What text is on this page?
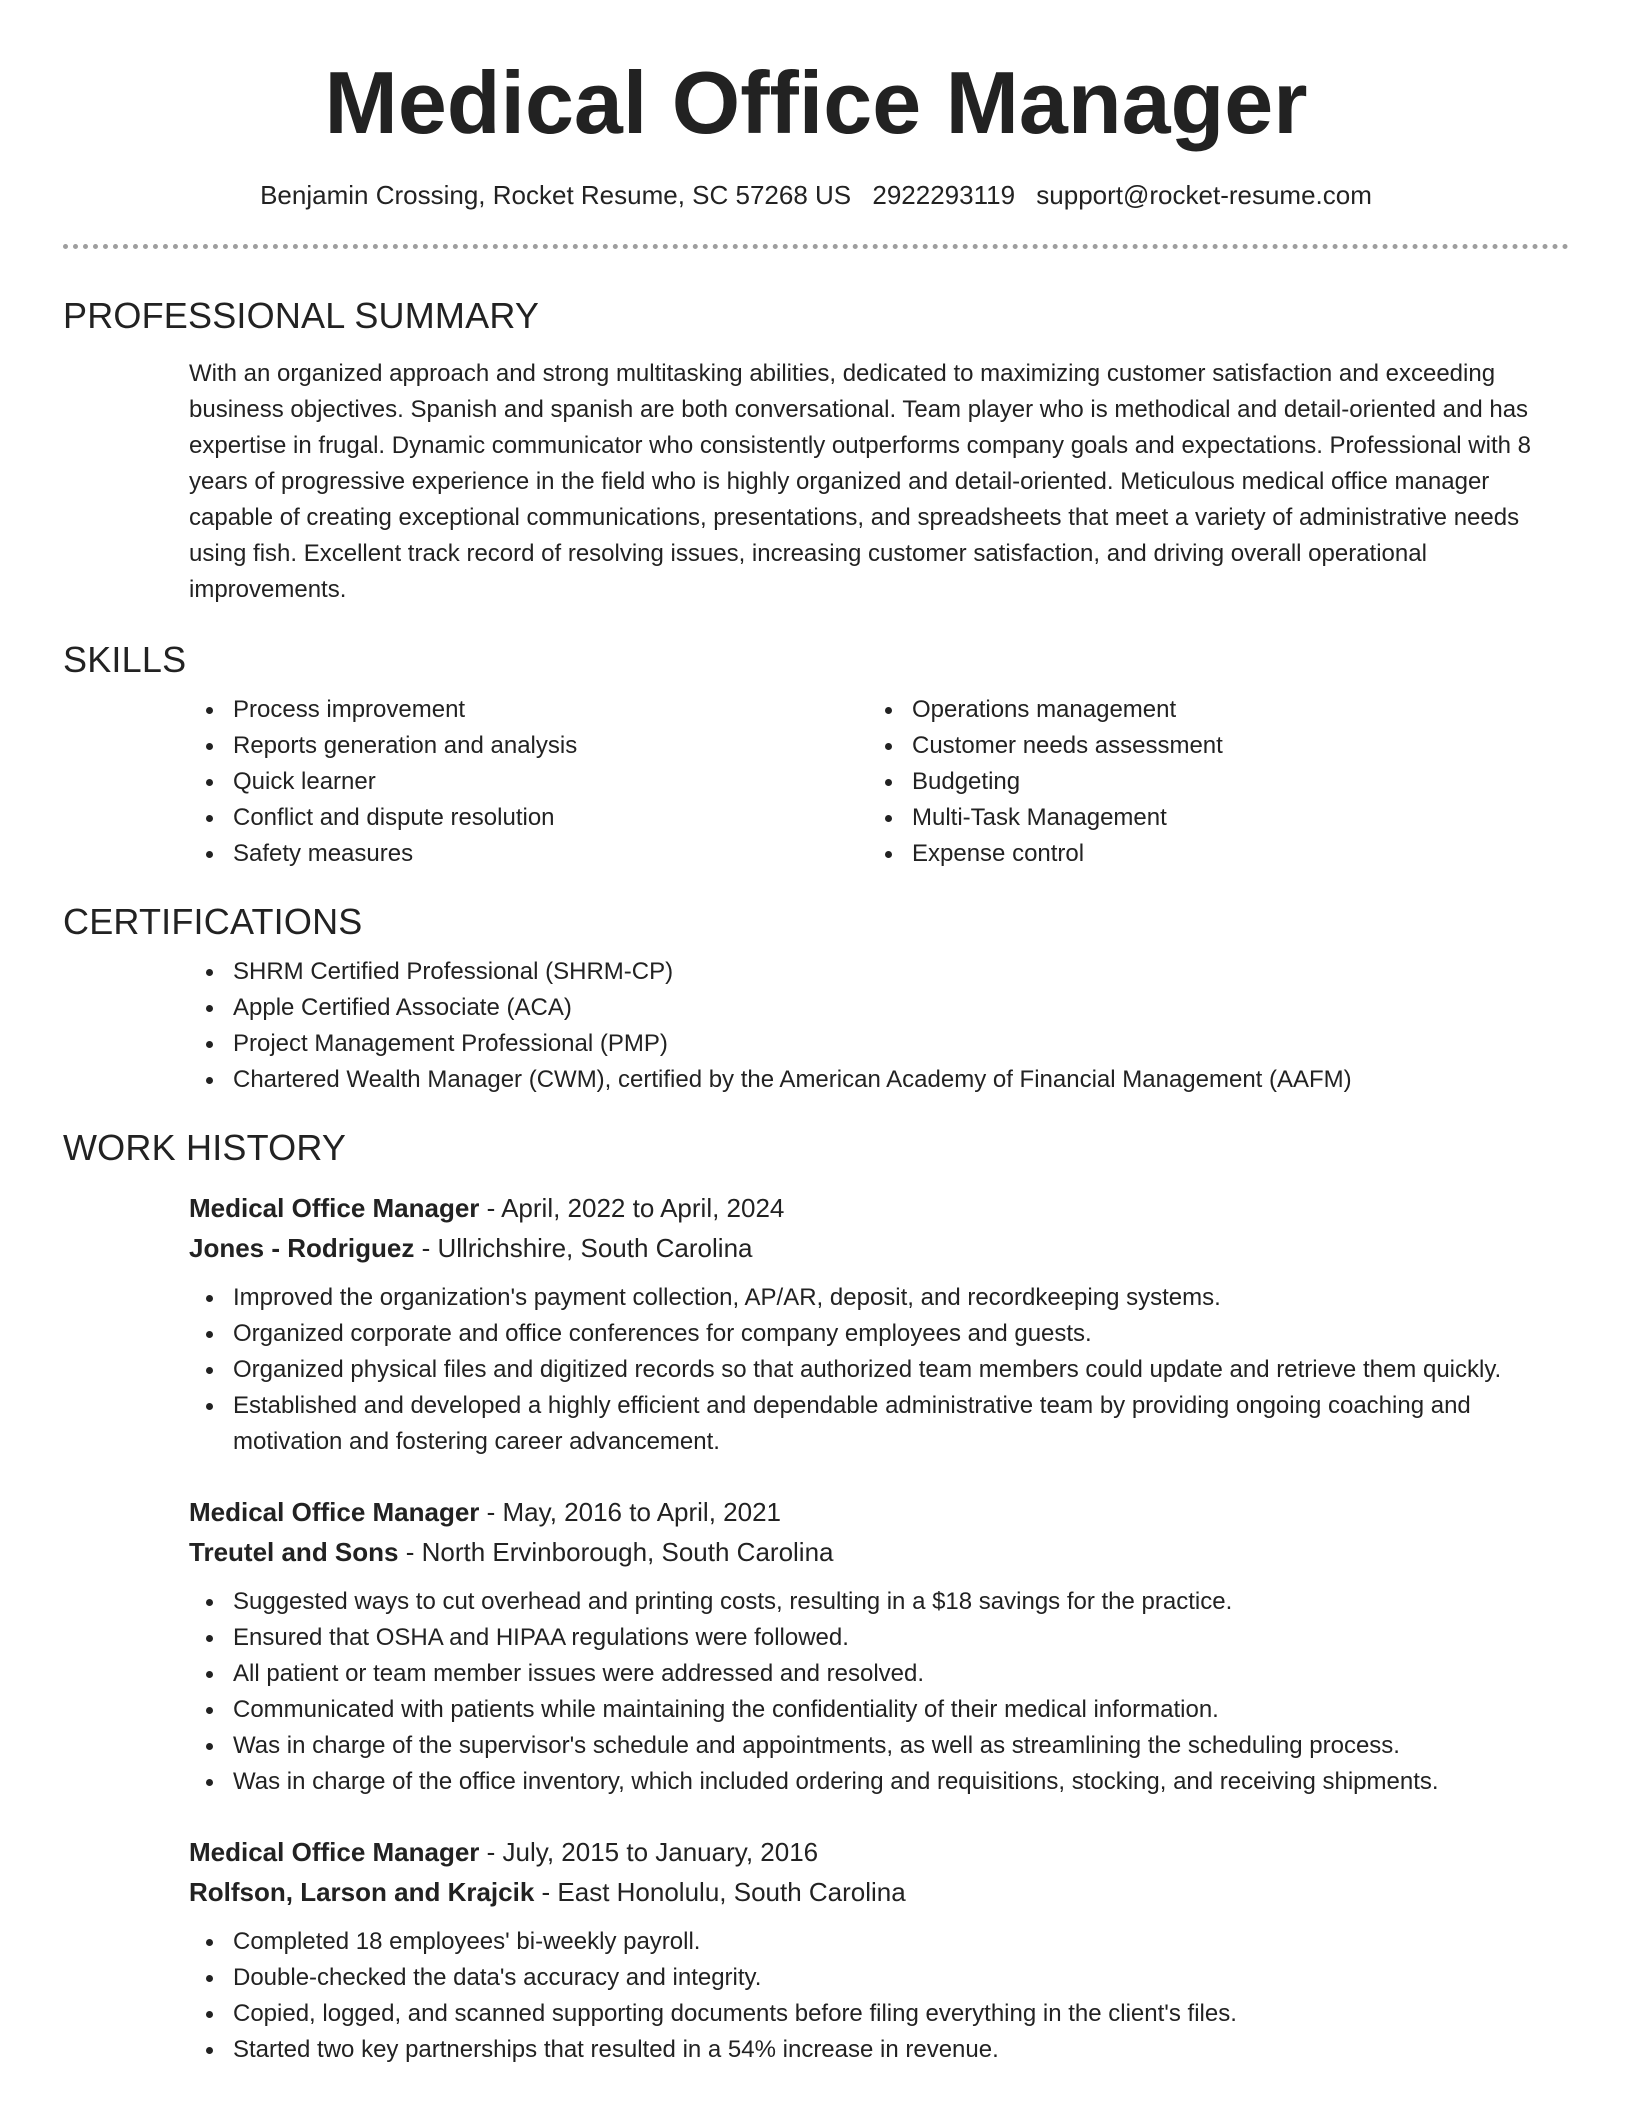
Medical Office Manager
Benjamin Crossing, Rocket Resume, SC 57268 US 2922293119 support@rocket-resume.com
PROFESSIONAL SUMMARY

With an organized approach and strong multitasking abilities, dedicated to maximizing customer satisfaction and exceeding business objectives. Spanish and spanish are both conversational. Team player who is methodical and detail-oriented and has expertise in frugal. Dynamic communicator who consistently outperforms company goals and expectations. Professional with 8 years of progressive experience in the field who is highly organized and detail-oriented. Meticulous medical office manager capable of creating exceptional communications, presentations, and spreadsheets that meet a variety of administrative needs using fish. Excellent track record of resolving issues, increasing customer satisfaction, and driving overall operational improvements.

SKILLS
Process improvement
Reports generation and analysis
Quick learner
Conflict and dispute resolution
Safety measures
Operations management
Customer needs assessment
Budgeting
Multi-Task Management
Expense control
CERTIFICATIONS
SHRM Certified Professional (SHRM-CP)
Apple Certified Associate (ACA)
Project Management Professional (PMP)
Chartered Wealth Manager (CWM), certified by the American Academy of Financial Management (AAFM)
WORK HISTORY
Medical Office Manager - April, 2022 to April, 2024
Jones - Rodriguez - Ullrichshire, South Carolina
Improved the organization's payment collection, AP/AR, deposit, and recordkeeping systems.
Organized corporate and office conferences for company employees and guests.
Organized physical files and digitized records so that authorized team members could update and retrieve them quickly.
Established and developed a highly efficient and dependable administrative team by providing ongoing coaching and motivation and fostering career advancement.
Medical Office Manager - May, 2016 to April, 2021
Treutel and Sons - North Ervinborough, South Carolina
Suggested ways to cut overhead and printing costs, resulting in a $18 savings for the practice.
Ensured that OSHA and HIPAA regulations were followed.
All patient or team member issues were addressed and resolved.
Communicated with patients while maintaining the confidentiality of their medical information.
Was in charge of the supervisor's schedule and appointments, as well as streamlining the scheduling process.
Was in charge of the office inventory, which included ordering and requisitions, stocking, and receiving shipments.
Medical Office Manager - July, 2015 to January, 2016
Rolfson, Larson and Krajcik - East Honolulu, South Carolina
Completed 18 employees' bi-weekly payroll.
Double-checked the data's accuracy and integrity.
Copied, logged, and scanned supporting documents before filing everything in the client's files.
Started two key partnerships that resulted in a 54% increase in revenue.
